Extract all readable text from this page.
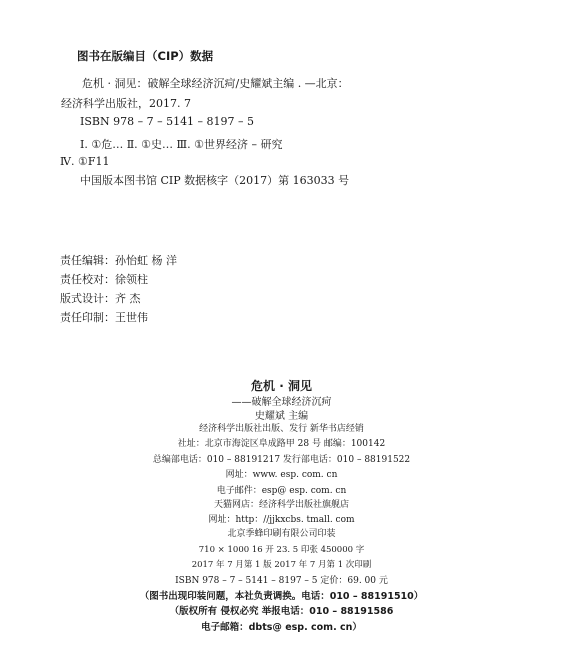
图书在版编目（CIP）数据
危机 · 洞见：破解全球经济沉疴/史耀斌主编 . —北京：
经济科学出版社，2017. 7
ISBN 978 – 7 – 5141 – 8197 – 5
Ⅰ. ①危… Ⅱ. ①史… Ⅲ. ①世界经济 – 研究
Ⅳ. ①F11
中国版本图书馆 CIP 数据核字（2017）第 163033 号
责任编辑：孙怡虹 杨 洋
责任校对：徐领柱
版式设计：齐 杰
责任印制：王世伟
危机 · 洞见
——破解全球经济沉疴
史耀斌 主编
经济科学出版社出版、发行 新华书店经销
社址：北京市海淀区阜成路甲 28 号 邮编：100142
总编部电话：010 – 88191217 发行部电话：010 – 88191522
网址：www. esp. com. cn
电子邮件：esp@ esp. com. cn
天猫网店：经济科学出版社旗舰店
网址：http：//jjkxcbs. tmall. com
北京季蜂印刷有限公司印装
710 × 1000 16 开 23. 5 印张 450000 字
2017 年 7 月第 1 版 2017 年 7 月第 1 次印刷
ISBN 978 – 7 – 5141 – 8197 – 5 定价：69. 00 元
（图书出现印装问题，本社负责调换。电话：010 – 88191510）
（版权所有 侵权必究 举报电话：010 – 88191586
电子邮箱：dbts@ esp. com. cn）
